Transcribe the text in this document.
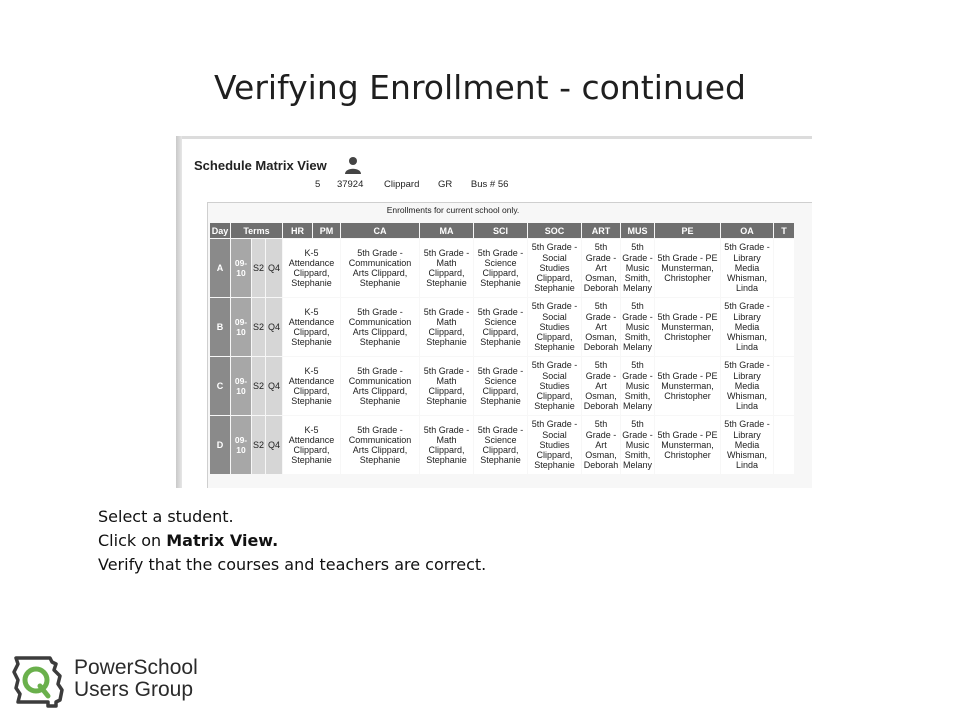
Verifying Enrollment - continued
Schedule Matrix View
5 37924 Clippard GR Bus # 56
Enrollments for current school only.
Day	Terms			HR	PM	CA	MA	SCI	SOC	ART	MUS	PE	OA	T
A	09-10	S2	Q4	K-5 Attendance Clippard, Stephanie		5th Grade - Communication Arts Clippard, Stephanie	5th Grade - Math Clippard, Stephanie	5th Grade - Science Clippard, Stephanie	5th Grade - Social Studies Clippard, Stephanie	5th Grade - Art Osman, Deborah	5th Grade - Music Smith, Melany	5th Grade - PE Munsterman, Christopher	5th Grade - Library Media Whisman, Linda	
B	09-10	S2	Q4	K-5 Attendance Clippard, Stephanie		5th Grade - Communication Arts Clippard, Stephanie	5th Grade - Math Clippard, Stephanie	5th Grade - Science Clippard, Stephanie	5th Grade - Social Studies Clippard, Stephanie	5th Grade - Art Osman, Deborah	5th Grade - Music Smith, Melany	5th Grade - PE Munsterman, Christopher	5th Grade - Library Media Whisman, Linda	
C	09-10	S2	Q4	K-5 Attendance Clippard, Stephanie		5th Grade - Communication Arts Clippard, Stephanie	5th Grade - Math Clippard, Stephanie	5th Grade - Science Clippard, Stephanie	5th Grade - Social Studies Clippard, Stephanie	5th Grade - Art Osman, Deborah	5th Grade - Music Smith, Melany	5th Grade - PE Munsterman, Christopher	5th Grade - Library Media Whisman, Linda	
D	09-10	S2	Q4	K-5 Attendance Clippard, Stephanie		5th Grade - Communication Arts Clippard, Stephanie	5th Grade - Math Clippard, Stephanie	5th Grade - Science Clippard, Stephanie	5th Grade - Social Studies Clippard, Stephanie	5th Grade - Art Osman, Deborah	5th Grade - Music Smith, Melany	5th Grade - PE Munsterman, Christopher	5th Grade - Library Media Whisman, Linda	
Select a student.
Click on Matrix View.
Verify that the courses and teachers are correct.
PowerSchool
Users Group
